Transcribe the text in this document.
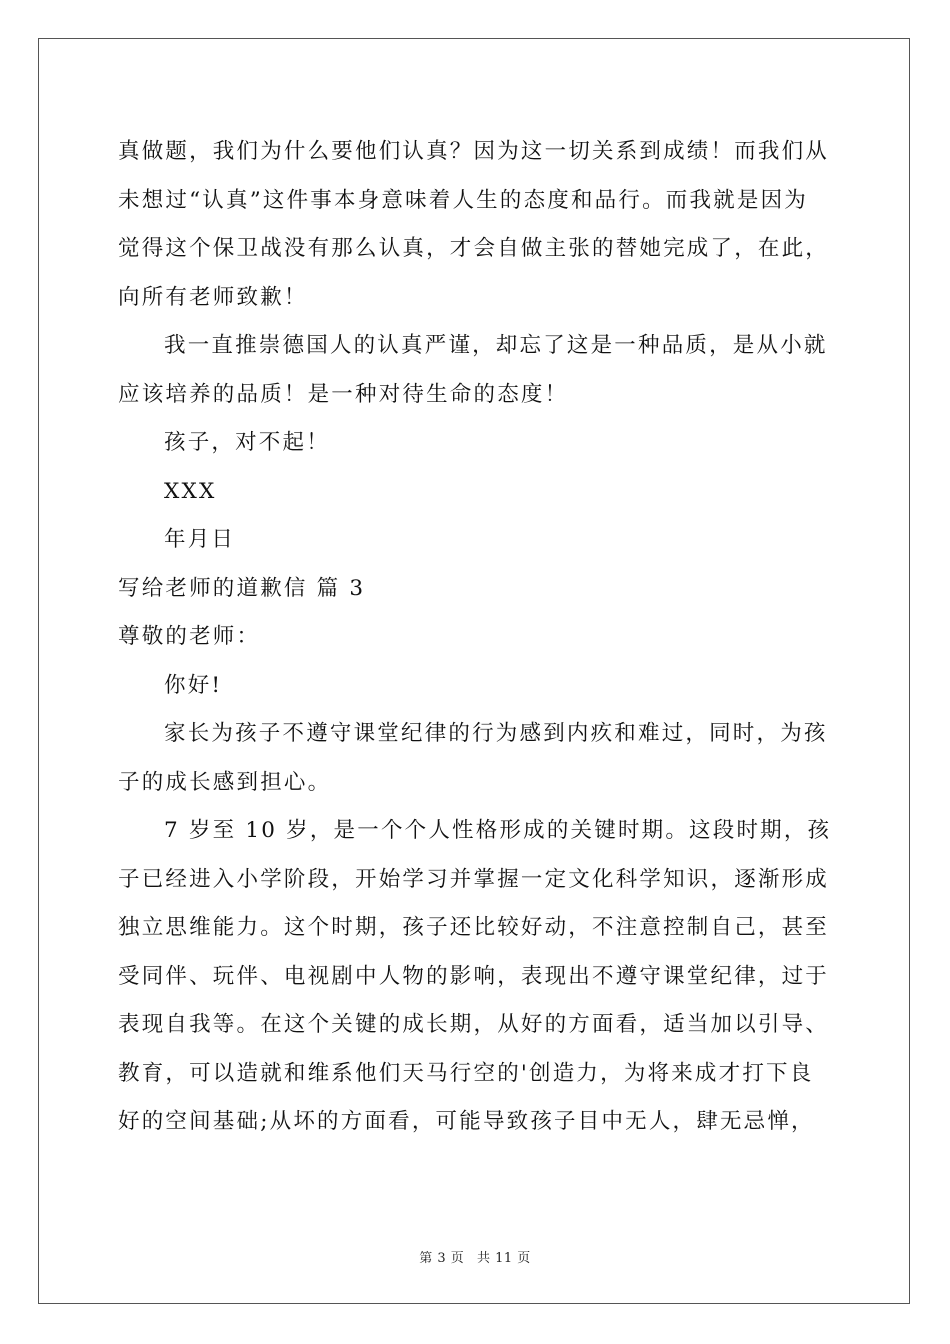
真做题，我们为什么要他们认真？因为这一切关系到成绩！而我们从
未想过“认真”这件事本身意味着人生的态度和品行。而我就是因为
觉得这个保卫战没有那么认真，才会自做主张的替她完成了，在此，
向所有老师致歉！
我一直推崇德国人的认真严谨，却忘了这是一种品质，是从小就
应该培养的品质！是一种对待生命的态度！
孩子，对不起！
XXX
年月日
写给老师的道歉信 篇 3
尊敬的老师：
你好!
家长为孩子不遵守课堂纪律的行为感到内疚和难过，同时，为孩
子的成长感到担心。
7 岁至 10 岁，是一个个人性格形成的关键时期。这段时期，孩
子已经进入小学阶段，开始学习并掌握一定文化科学知识，逐渐形成
独立思维能力。这个时期，孩子还比较好动，不注意控制自己，甚至
受同伴、玩伴、电视剧中人物的影响，表现出不遵守课堂纪律，过于
表现自我等。在这个关键的成长期，从好的方面看，适当加以引导、
教育，可以造就和维系他们天马行空的'创造力，为将来成才打下良
好的空间基础;从坏的方面看，可能导致孩子目中无人，肆无忌惮，
第 3 页 共 11 页
